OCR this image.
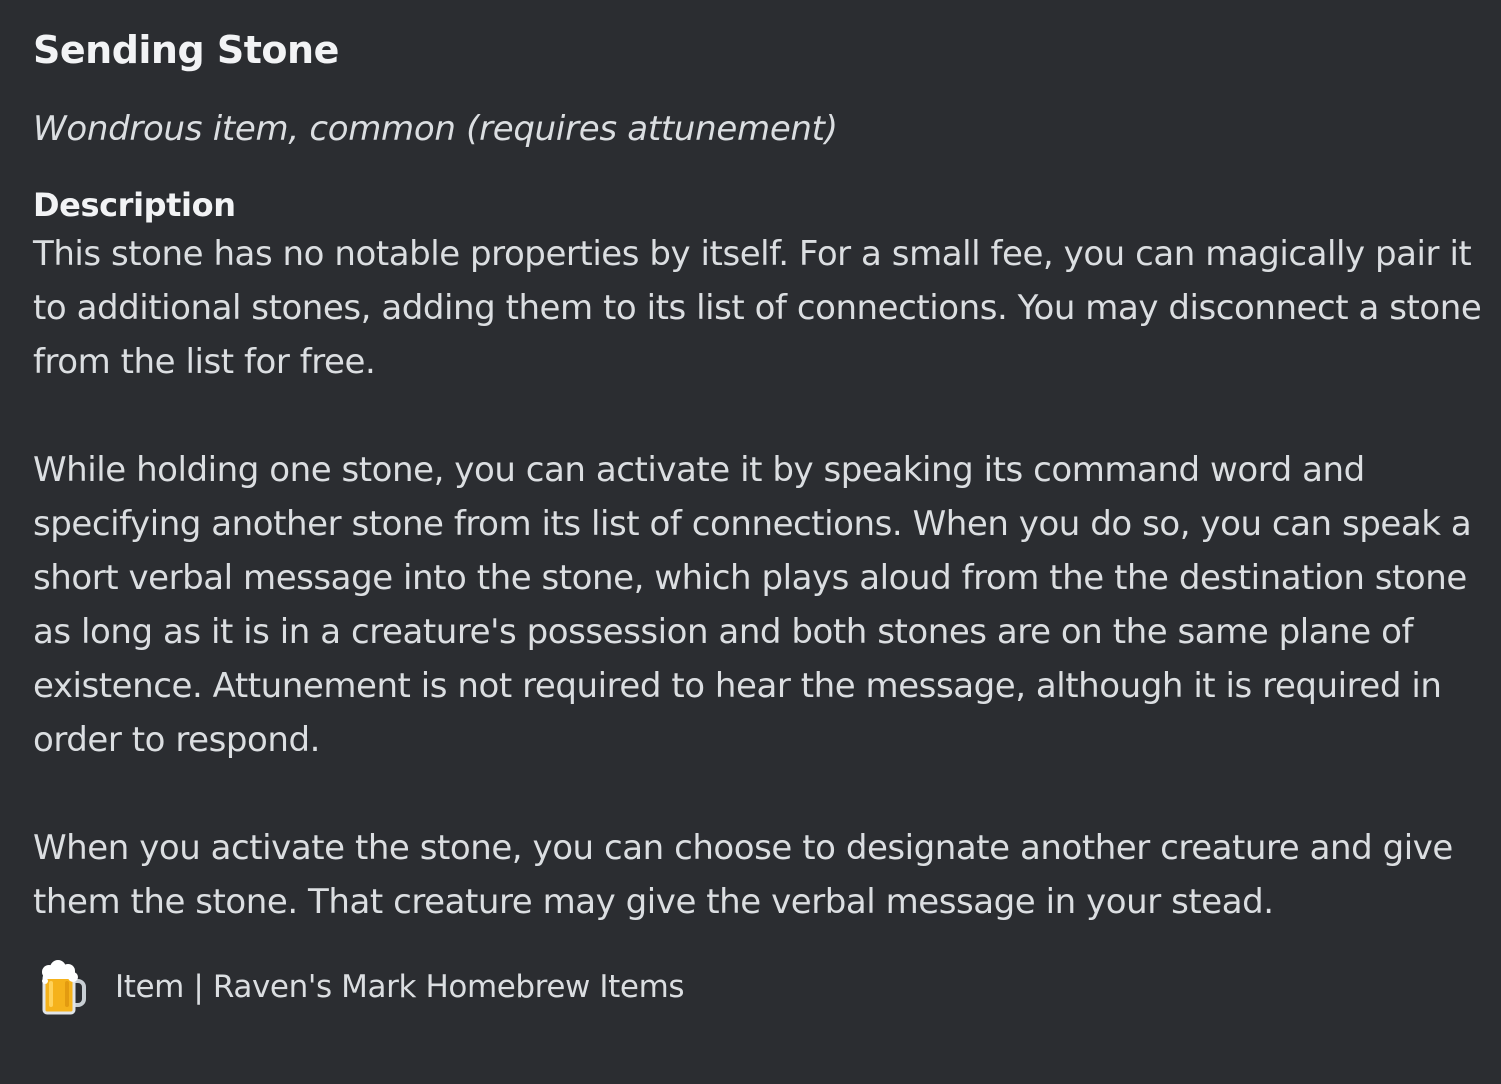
Sending Stone
Wondrous item, common (requires attunement)
Description

This stone has no notable properties by itself. For a small fee, you can magically pair it to additional stones, adding them to its list of connections. You may disconnect a stone from the list for free.

While holding one stone, you can activate it by speaking its command word and specifying another stone from its list of connections. When you do so, you can speak a short verbal message into the stone, which plays aloud from the the destination stone as long as it is in a creature's possession and both stones are on the same plane of existence. Attunement is not required to hear the message, although it is required in order to respond.

When you activate the stone, you can choose to designate another creature and give them the stone. That creature may give the verbal message in your stead.

Item | Raven's Mark Homebrew Items
